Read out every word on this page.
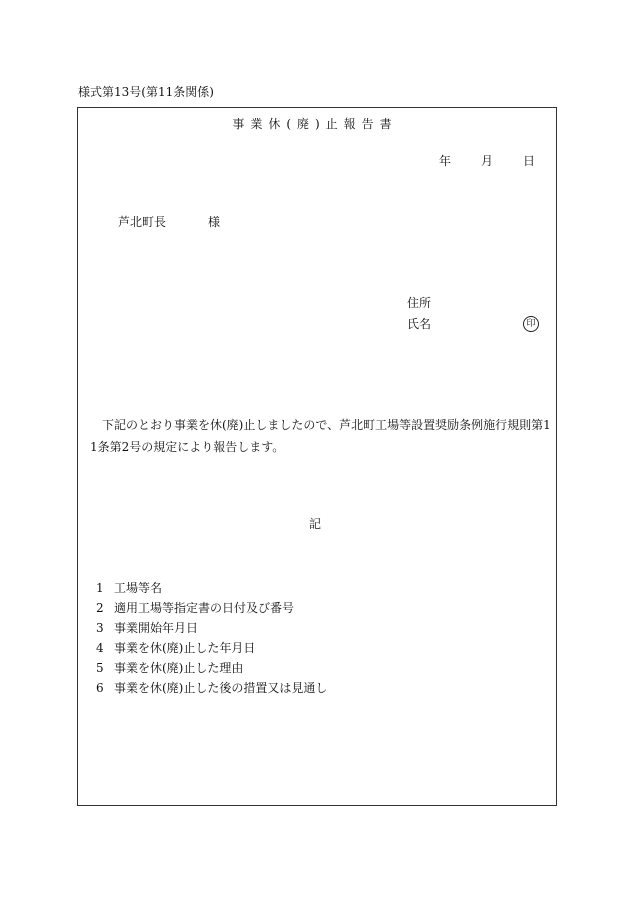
様式第13号(第11条関係)
事業休(廃)止報告書
年	月	日
芦北町長	様
住所
氏名	印
下記のとおり事業を休(廃)止しましたので、芦北町工場等設置奨励条例施行規則第11条第2号の規定により報告します。
記
1 工場等名
2 適用工場等指定書の日付及び番号
3 事業開始年月日
4 事業を休(廃)止した年月日
5 事業を休(廃)止した理由
6 事業を休(廃)止した後の措置又は見通し
